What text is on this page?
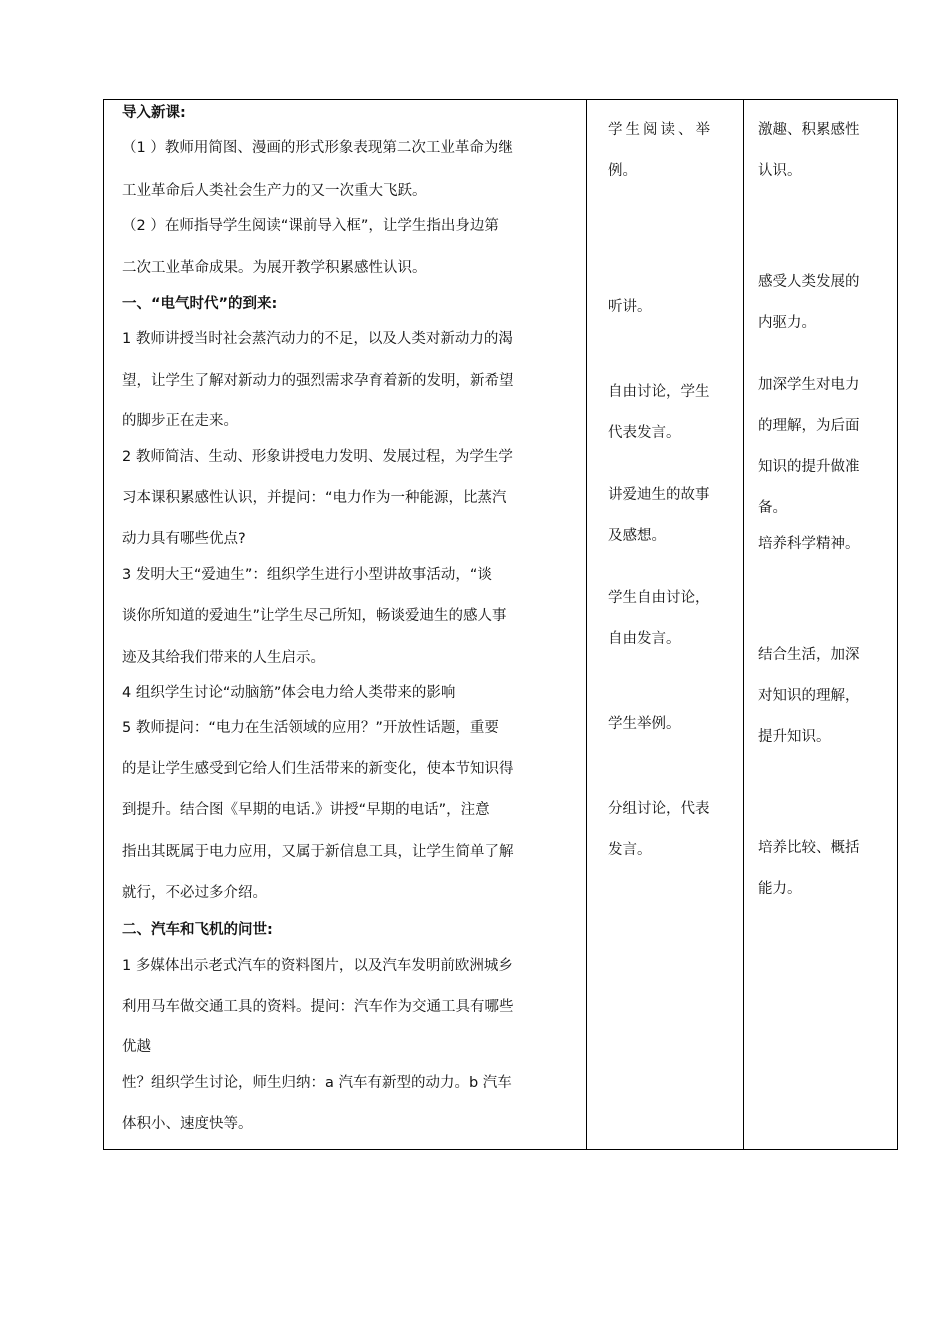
导入新课:
（1 ）教师用简图、漫画的形式形象表现第二次工业革命为继
工业革命后人类社会生产力的又一次重大飞跃。
（2 ）在师指导学生阅读“课前导入框”，让学生指出身边第
二次工业革命成果。为展开教学积累感性认识。
一、“电气时代”的到来:
1 教师讲授当时社会蒸汽动力的不足，以及人类对新动力的渴
望，让学生了解对新动力的强烈需求孕育着新的发明，新希望
的脚步正在走来。
2 教师简洁、生动、形象讲授电力发明、发展过程，为学生学
习本课积累感性认识，并提问：“电力作为一种能源，比蒸汽
动力具有哪些优点?
3 发明大王“爱迪生”：组织学生进行小型讲故事活动，“谈
谈你所知道的爱迪生”让学生尽己所知，畅谈爱迪生的感人事
迹及其给我们带来的人生启示。
4 组织学生讨论“动脑筋”体会电力给人类带来的影响
5 教师提问：“电力在生活领域的应用？”开放性话题，重要
的是让学生感受到它给人们生活带来的新变化，使本节知识得
到提升。结合图《早期的电话.》讲授“早期的电话”，注意
指出其既属于电力应用，又属于新信息工具，让学生简单了解
就行，不必过多介绍。
二、汽车和飞机的问世:
1 多媒体出示老式汽车的资料图片，以及汽车发明前欧洲城乡
利用马车做交通工具的资料。提问：汽车作为交通工具有哪些
优越
性？组织学生讨论，师生归纳：a 汽车有新型的动力。b 汽车
体积小、速度快等。
学生阅读、举
例。
听讲。
自由讨论，学生
代表发言。
讲爱迪生的故事
及感想。
学生自由讨论，
自由发言。
学生举例。
分组讨论，代表
发言。
激趣、积累感性
认识。
感受人类发展的
内驱力。
加深学生对电力
的理解，为后面
知识的提升做准
备。
培养科学精神。
结合生活，加深
对知识的理解，
提升知识。
培养比较、概括
能力。
